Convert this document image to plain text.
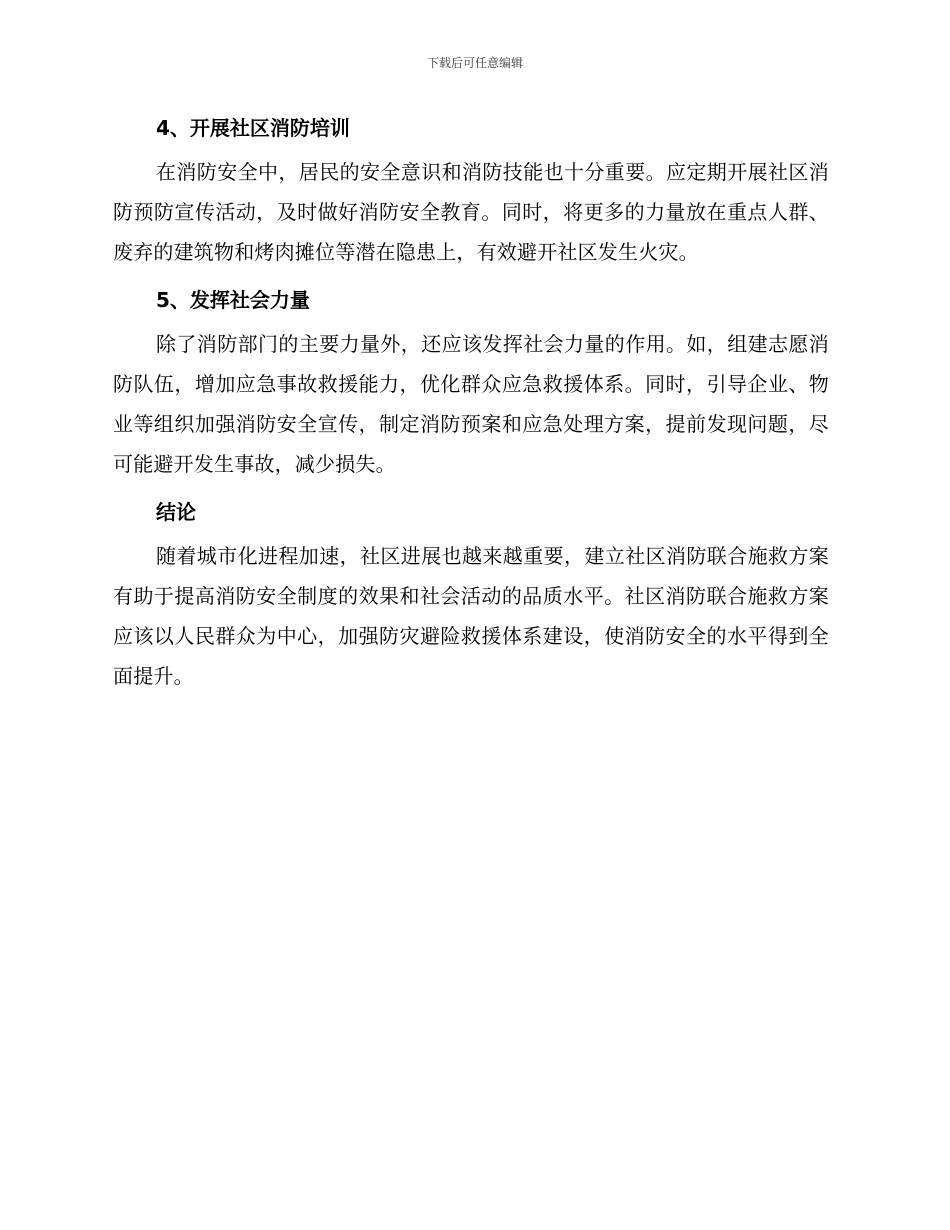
下载后可任意编辑
4、开展社区消防培训

在消防安全中，居民的安全意识和消防技能也十分重要。应定期开展社区消防预防宣传活动，及时做好消防安全教育。同时，将更多的力量放在重点人群、废弃的建筑物和烤肉摊位等潜在隐患上，有效避开社区发生火灾。

5、发挥社会力量

除了消防部门的主要力量外，还应该发挥社会力量的作用。如，组建志愿消防队伍，增加应急事故救援能力，优化群众应急救援体系。同时，引导企业、物业等组织加强消防安全宣传，制定消防预案和应急处理方案，提前发现问题，尽可能避开发生事故，减少损失。

结论

随着城市化进程加速，社区进展也越来越重要，建立社区消防联合施救方案有助于提高消防安全制度的效果和社会活动的品质水平。社区消防联合施救方案应该以人民群众为中心，加强防灾避险救援体系建设，使消防安全的水平得到全面提升。
